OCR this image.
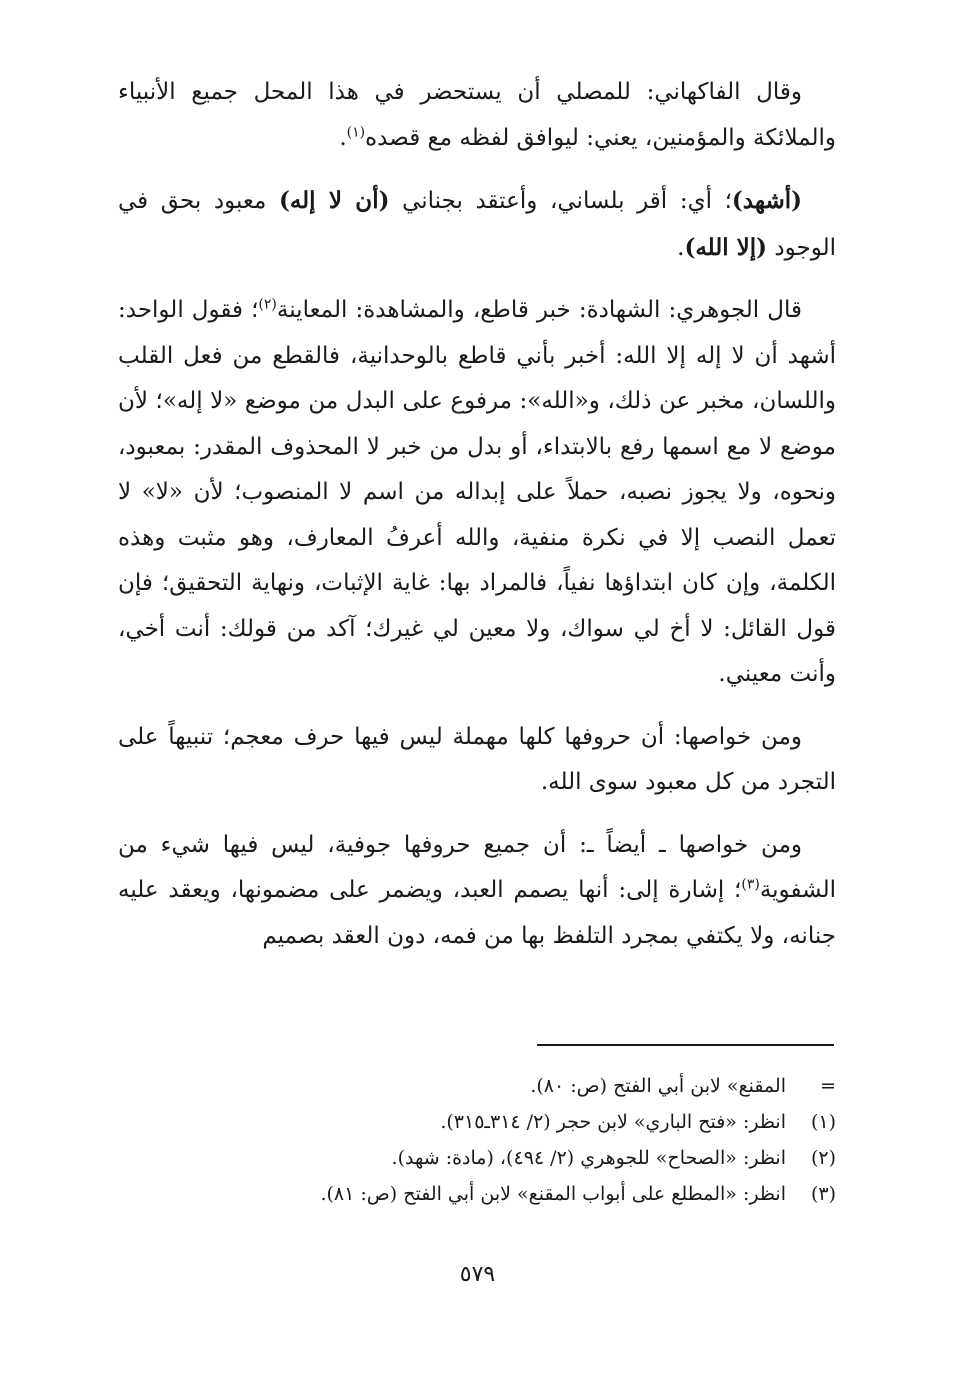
وقال الفاكهاني: للمصلي أن يستحضر في هذا المحل جميع الأنبياء والملائكة والمؤمنين، يعني: ليوافق لفظه مع قصده$^{(١)}$.

(أشهد)؛ أي: أقر بلساني، وأعتقد بجناني (أن لا إله) معبود بحق في الوجود (إلا الله).

قال الجوهري: الشهادة: خبر قاطع، والمشاهدة: المعاينة$^{(٢)}$؛ فقول الواحد: أشهد أن لا إله إلا الله: أخبر بأني قاطع بالوحدانية، فالقطع من فعل القلب واللسان، مخبر عن ذلك، و«الله»: مرفوع على البدل من موضع «لا إله»؛ لأن موضع لا مع اسمها رفع بالابتداء، أو بدل من خبر لا المحذوف المقدر: بمعبود، ونحوه، ولا يجوز نصبه، حملاً على إبداله من اسم لا المنصوب؛ لأن «لا» لا تعمل النصب إلا في نكرة منفية، والله أعرفُ المعارف، وهو مثبت وهذه الكلمة، وإن كان ابتداؤها نفياً، فالمراد بها: غاية الإثبات، ونهاية التحقيق؛ فإن قول القائل: لا أخ لي سواك، ولا معين لي غيرك؛ آكد من قولك: أنت أخي، وأنت معيني.

ومن خواصها: أن حروفها كلها مهملة ليس فيها حرف معجم؛ تنبيهاً على التجرد من كل معبود سوى الله.

ومن خواصها ـ أيضاً ـ: أن جميع حروفها جوفية، ليس فيها شيء من الشفوية$^{(٣)}$؛ إشارة إلى: أنها يصمم العبد، ويضمر على مضمونها، ويعقد عليه جنانه، ولا يكتفي بمجرد التلفظ بها من فمه، دون العقد بصميم

=
المقنع» لابن أبي الفتح (ص: ٨٠).
(١)
انظر: «فتح الباري» لابن حجر (٢/ ٣١٤ـ٣١٥).
(٢)
انظر: «الصحاح» للجوهري (٢/ ٤٩٤)، (مادة: شهد).
(٣)
انظر: «المطلع على أبواب المقنع» لابن أبي الفتح (ص: ٨١).
٥٧٩
